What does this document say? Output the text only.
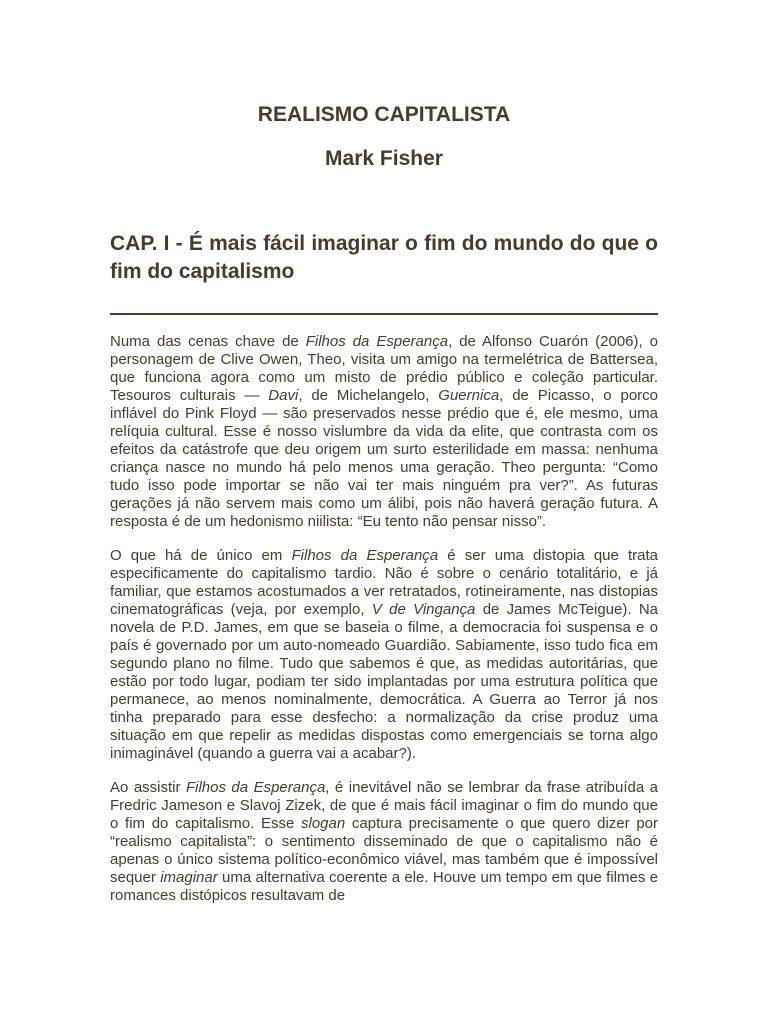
REALISMO CAPITALISTA
Mark Fisher
CAP. I - É mais fácil imaginar o fim do mundo do que o fim do capitalismo

Numa das cenas chave de Filhos da Esperança, de Alfonso Cuarón (2006), o personagem de Clive Owen, Theo, visita um amigo na termelétrica de Battersea, que funciona agora como um misto de prédio público e coleção particular. Tesouros culturais — Davi, de Michelangelo, Guernica, de Picasso, o porco inflável do Pink Floyd — são preservados nesse prédio que é, ele mesmo, uma relíquia cultural. Esse é nosso vislumbre da vida da elite, que contrasta com os efeitos da catástrofe que deu origem um surto esterilidade em massa: nenhuma criança nasce no mundo há pelo menos uma geração. Theo pergunta: “Como tudo isso pode importar se não vai ter mais ninguém pra ver?”. As futuras gerações já não servem mais como um álibi, pois não haverá geração futura. A resposta é de um hedonismo niilista: “Eu tento não pensar nisso”.

O que há de único em Filhos da Esperança é ser uma distopia que trata especificamente do capitalismo tardio. Não é sobre o cenário totalitário, e já familiar, que estamos acostumados a ver retratados, rotineiramente, nas distopias cinematográficas (veja, por exemplo, V de Vingança de James McTeigue). Na novela de P.D. James, em que se baseia o filme, a democracia foi suspensa e o país é governado por um auto-nomeado Guardião. Sabiamente, isso tudo fica em segundo plano no filme. Tudo que sabemos é que, as medidas autoritárias, que estão por todo lugar, podiam ter sido implantadas por uma estrutura política que permanece, ao menos nominalmente, democrática. A Guerra ao Terror já nos tinha preparado para esse desfecho: a normalização da crise produz uma situação em que repelir as medidas dispostas como emergenciais se torna algo inimaginável (quando a guerra vai a acabar?).

Ao assistir Filhos da Esperança, é inevitável não se lembrar da frase atribuída a Fredric Jameson e Slavoj Zizek, de que é mais fácil imaginar o fim do mundo que o fim do capitalismo. Esse slogan captura precisamente o que quero dizer por “realismo capitalista”: o sentimento disseminado de que o capitalismo não é apenas o único sistema político-econômico viável, mas também que é impossível sequer imaginar uma alternativa coerente a ele. Houve um tempo em que filmes e romances distópicos resultavam de
